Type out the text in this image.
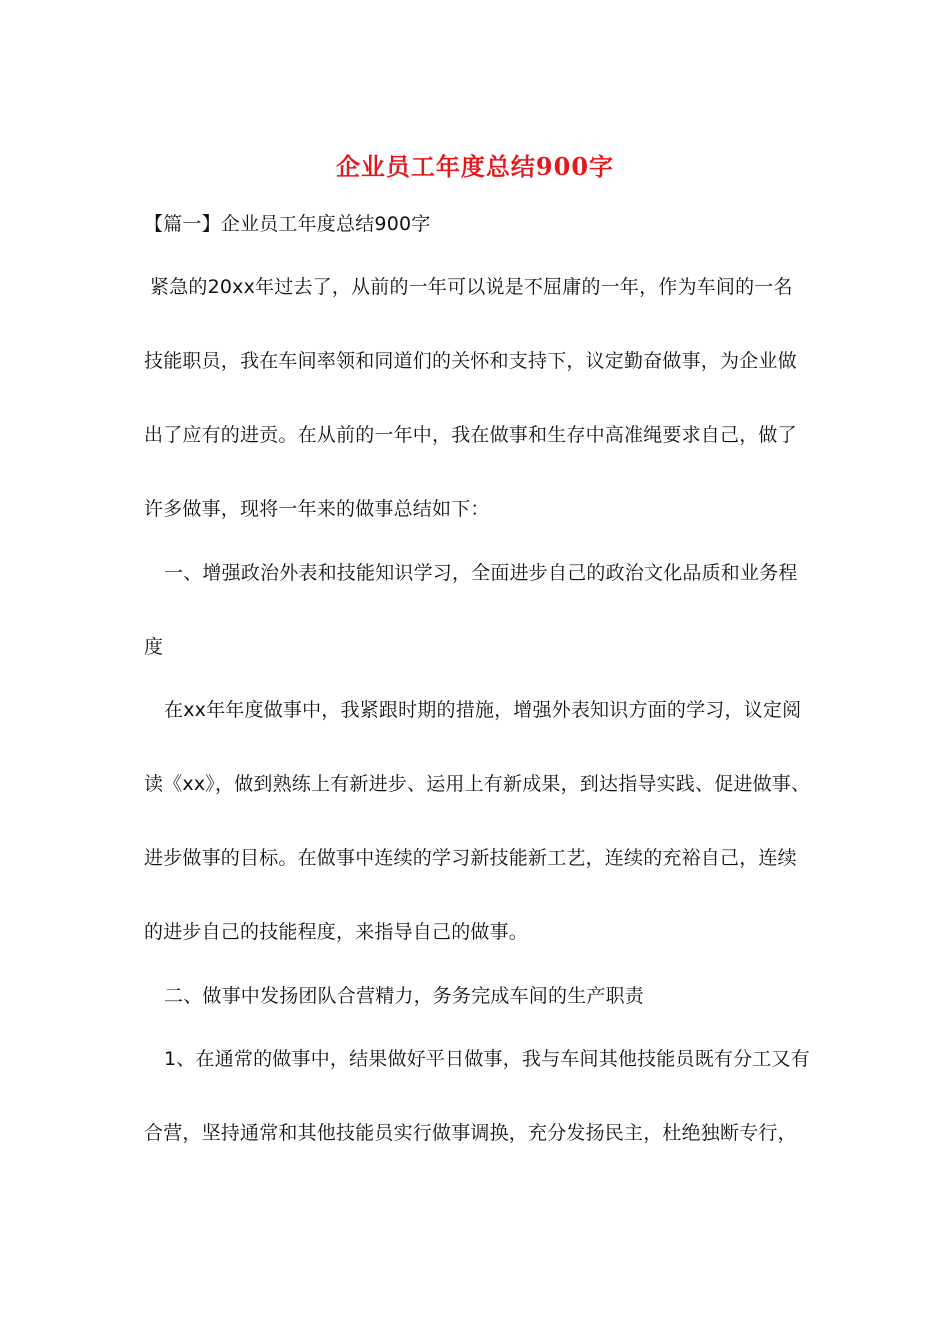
企业员工年度总结900字
【篇一】企业员工年度总结900字
紧急的20xx年过去了，从前的一年可以说是不屈庸的一年，作为车间的一名
技能职员，我在车间率领和同道们的关怀和支持下，议定勤奋做事，为企业做
出了应有的进贡。在从前的一年中，我在做事和生存中高准绳要求自己，做了
许多做事，现将一年来的做事总结如下：
一、增强政治外表和技能知识学习，全面进步自己的政治文化品质和业务程
度
在xx年年度做事中，我紧跟时期的措施，增强外表知识方面的学习，议定阅
读《xx》，做到熟练上有新进步、运用上有新成果，到达指导实践、促进做事、
进步做事的目标。在做事中连续的学习新技能新工艺，连续的充裕自己，连续
的进步自己的技能程度，来指导自己的做事。
二、做事中发扬团队合营精力，务务完成车间的生产职责
1、在通常的做事中，结果做好平日做事，我与车间其他技能员既有分工又有
合营，坚持通常和其他技能员实行做事调换，充分发扬民主，杜绝独断专行，
